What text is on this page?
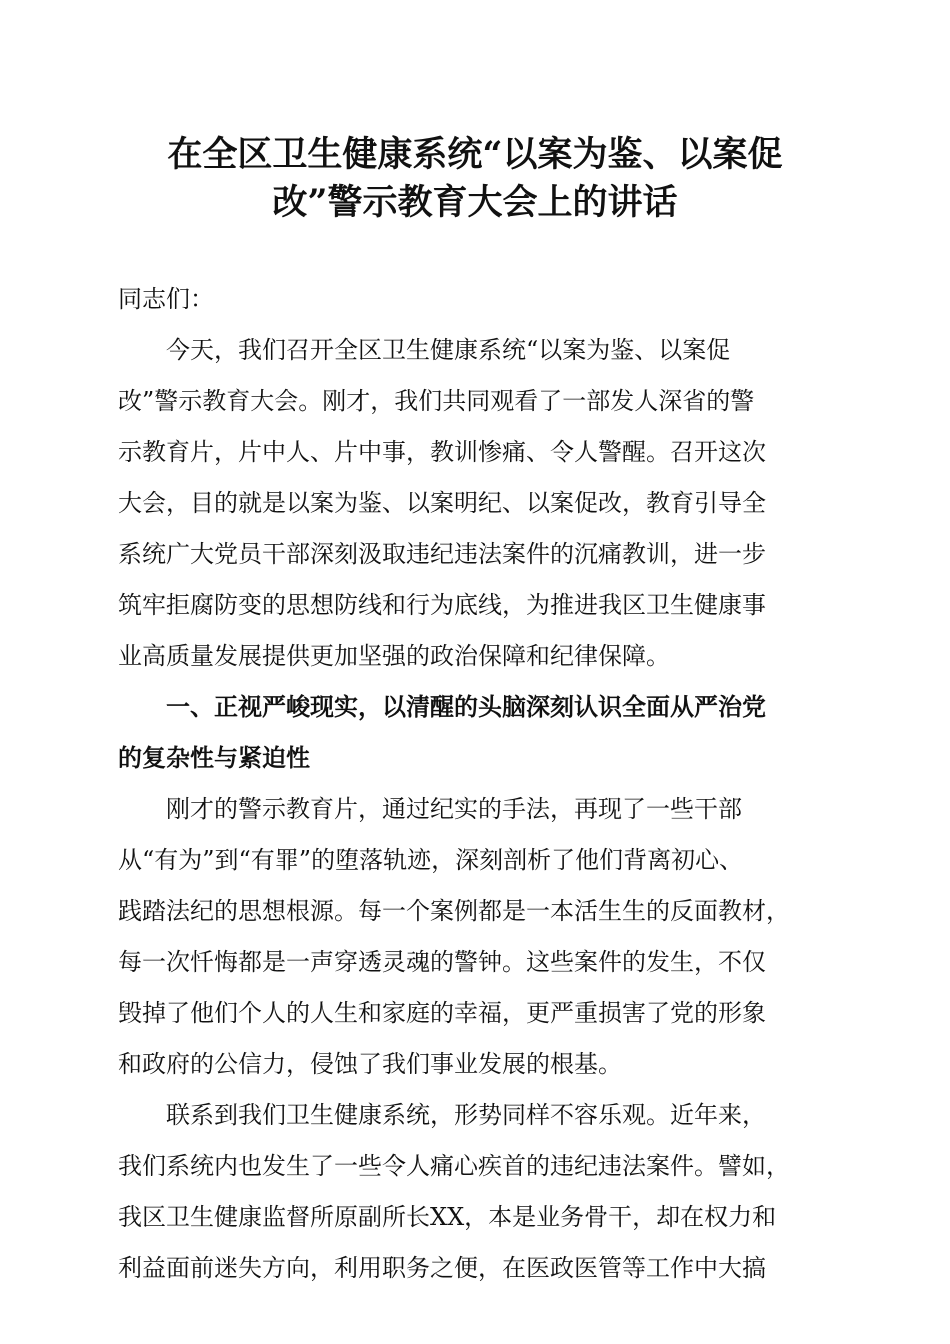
在全区卫生健康系统“以案为鉴、以案促
改”警示教育大会上的讲话

同志们：

今天，我们召开全区卫生健康系统“以案为鉴、以案促
改”警示教育大会。刚才，我们共同观看了一部发人深省的警
示教育片，片中人、片中事，教训惨痛、令人警醒。召开这次
大会，目的就是以案为鉴、以案明纪、以案促改，教育引导全
系统广大党员干部深刻汲取违纪违法案件的沉痛教训，进一步
筑牢拒腐防变的思想防线和行为底线，为推进我区卫生健康事
业高质量发展提供更加坚强的政治保障和纪律保障。

一、正视严峻现实，以清醒的头脑深刻认识全面从严治党
的复杂性与紧迫性

刚才的警示教育片，通过纪实的手法，再现了一些干部
从“有为”到“有罪”的堕落轨迹，深刻剖析了他们背离初心、
践踏法纪的思想根源。每一个案例都是一本活生生的反面教材，
每一次忏悔都是一声穿透灵魂的警钟。这些案件的发生，不仅
毁掉了他们个人的人生和家庭的幸福，更严重损害了党的形象
和政府的公信力，侵蚀了我们事业发展的根基。

联系到我们卫生健康系统，形势同样不容乐观。近年来，
我们系统内也发生了一些令人痛心疾首的违纪违法案件。譬如，
我区卫生健康监督所原副所长XX，本是业务骨干，却在权力和
利益面前迷失方向，利用职务之便，在医政医管等工作中大搞
